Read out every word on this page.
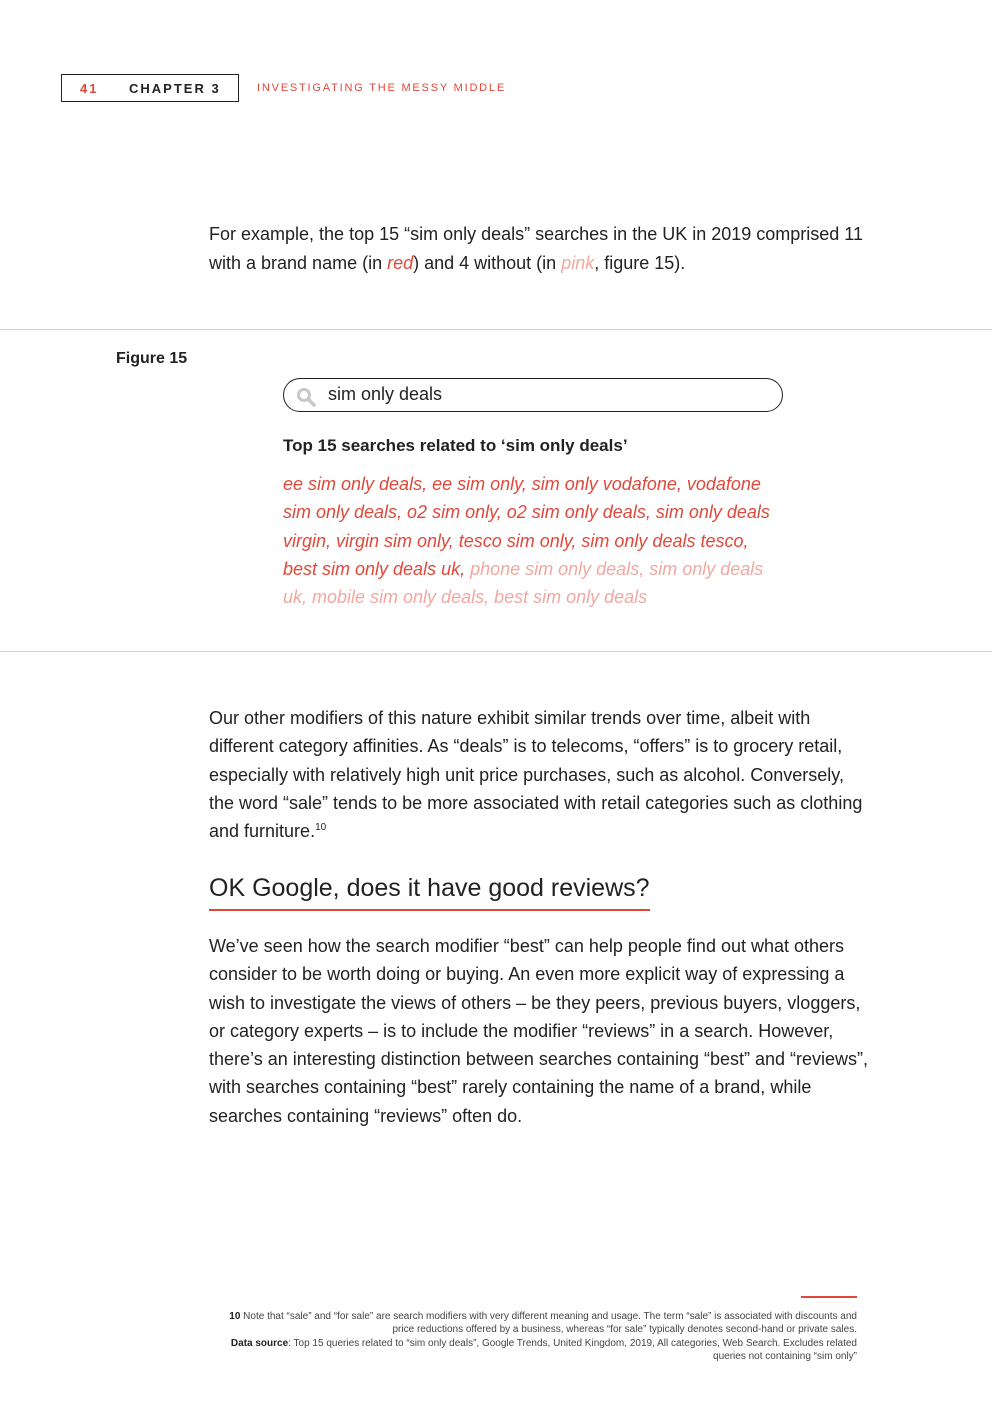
41 CHAPTER 3	INVESTIGATING THE MESSY MIDDLE

For example, the top 15 “sim only deals” searches in the UK in 2019 comprised 11 with a brand name (in red) and 4 without (in pink, figure 15).

Figure 15
sim only deals
Top 15 searches related to ‘sim only deals’

ee sim only deals, ee sim only, sim only vodafone, vodafone sim only deals, o2 sim only, o2 sim only deals, sim only deals virgin, virgin sim only, tesco sim only, sim only deals tesco, best sim only deals uk, phone sim only deals, sim only deals uk, mobile sim only deals, best sim only deals

Our other modifiers of this nature exhibit similar trends over time, albeit with different category affinities. As “deals” is to telecoms, “offers” is to grocery retail, especially with relatively high unit price purchases, such as alcohol. Conversely, the word “sale” tends to be more associated with retail categories such as clothing and furniture.$^{10}$

OK Google, does it have good reviews?

We’ve seen how the search modifier “best” can help people find out what others consider to be worth doing or buying. An even more explicit way of expressing a wish to investigate the views of others – be they peers, previous buyers, vloggers, or category experts – is to include the modifier “reviews” in a search. However, there’s an interesting distinction between searches containing “best” and “reviews”, with searches containing “best” rarely containing the name of a brand, while searches containing “reviews” often do.

10 Note that “sale” and “for sale” are search modifiers with very different meaning and usage. The term “sale” is associated with discounts and price reductions offered by a business, whereas “for sale” typically denotes second-hand or private sales.
Data source: Top 15 queries related to “sim only deals”, Google Trends, United Kingdom, 2019, All categories, Web Search. Excludes related queries not containing “sim only”
